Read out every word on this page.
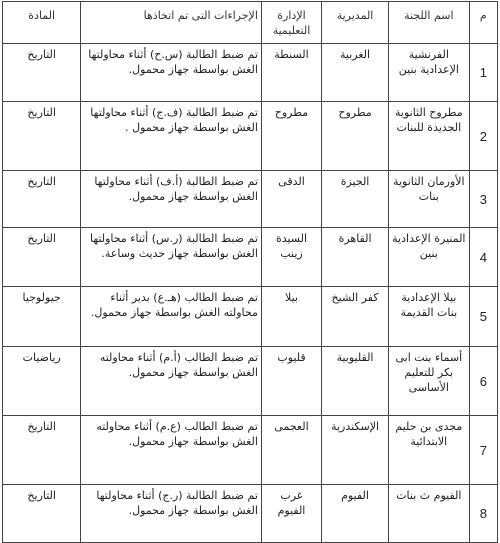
م	اسم اللجنة	المديرية	الإدارة التعليمية	الإجراءات التى تم اتخاذها	المادة
1	الفرنشية الإعدادية بنين	الغربية	السنطة	تم ضبط الطالبة (س.ح) أثناء محاولتها الغش بواسطة جهاز محمول.	التاريخ
2	مطروح الثانوية الجديدة للبنات	مطروح	مطروح	تم ضبط الطالبة (ف.ج) أثناء محاولتها الغش بواسطة جهاز محمول .	التاريخ
3	الأورمان الثانوية بنات	الجيزة	الدقى	تم ضبط الطالبة (أ.ف) أثناء محاولتها الغش بواسطة جهاز محمول.	التاريخ
4	المنيرة الإعدادية بنين	القاهرة	السيدة زينب	تم ضبط الطالبة (ر.س) أثناء محاولتها الغش بواسطة جهاز حديث وساعة.	التاريخ
5	بيلا الإعدادية بنات القديمة	كفر الشيخ	بيلا	تم ضبط الطالب (هـ.ع) بدير أثناء محاولته الغش بواسطة جهاز محمول.	جيولوجيا
6	أسماء بنت ابى بكر للتعليم الأساسى	القليوبية	قليوب	تم ضبط الطالب (أ.م) أثناء محاولته الغش بواسطة جهاز محمول.	رياضيات
7	مجدى بن حليم الابتدائية	الإسكندرية	العجمى	تم ضبط الطالب (ع.م) أثناء محاولته الغش بواسطة جهاز محمول.	التاريخ
8	الفيوم ث بنات	الفيوم	غرب الفيوم	تم ضبط الطالبة (ر.ج) أثناء محاولتها الغش بواسطة جهاز محمول.	التاريخ
